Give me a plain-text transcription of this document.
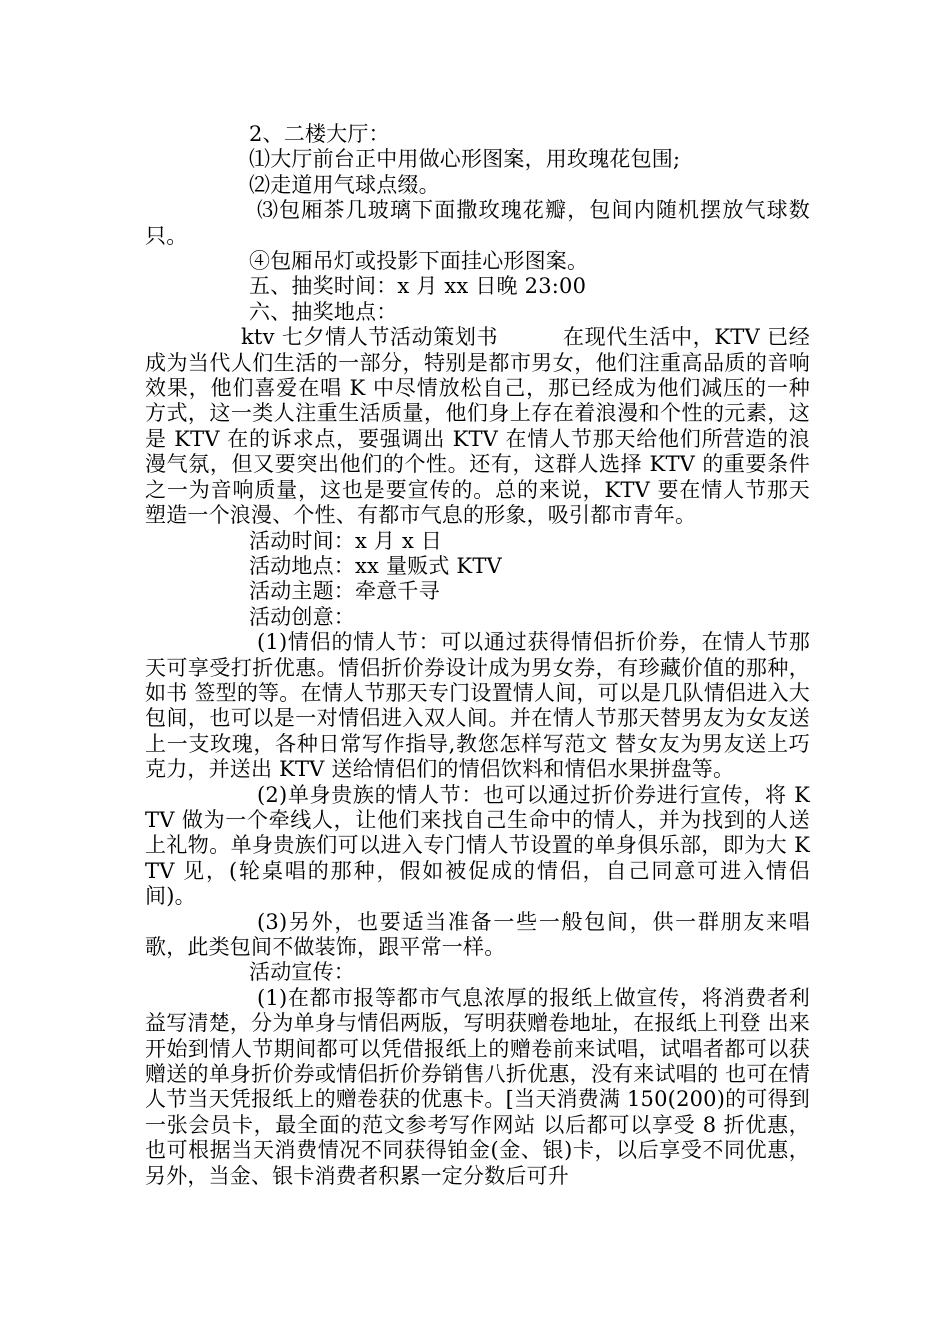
2、二楼大厅：

⑴大厅前台正中用做心形图案，用玫瑰花包围;

⑵走道用气球点缀。

⑶包厢茶几玻璃下面撒玫瑰花瓣，包间内随机摆放气球数只。

④包厢吊灯或投影下面挂心形图案。

五、抽奖时间：x 月 xx 日晚 23:00

六、抽奖地点：

ktv 七夕情人节活动策划书　　　在现代生活中，KTV 已经成为当代人们生活的一部分，特别是都市男女，他们注重高品质的音响效果，他们喜爱在唱 K 中尽情放松自己，那已经成为他们减压的一种方式，这一类人注重生活质量，他们身上存在着浪漫和个性的元素，这是 KTV 在的诉求点，要强调出 KTV 在情人节那天给他们所营造的浪漫气氛，但又要突出他们的个性。还有，这群人选择 KTV 的重要条件之一为音响质量，这也是要宣传的。总的来说，KTV 要在情人节那天塑造一个浪漫、个性、有都市气息的形象，吸引都市青年。

活动时间：x 月 x 日

活动地点：xx 量贩式 KTV

活动主题：牵意千寻

活动创意：

(1)情侣的情人节：可以通过获得情侣折价券，在情人节那天可享受打折优惠。情侣折价券设计成为男女券，有珍藏价值的那种，如书 签型的等。在情人节那天专门设置情人间，可以是几队情侣进入大包间，也可以是一对情侣进入双人间。并在情人节那天替男友为女友送上一支玫瑰，各种日常写作指导,教您怎样写范文 替女友为男友送上巧克力，并送出 KTV 送给情侣们的情侣饮料和情侣水果拼盘等。

(2)单身贵族的情人节：也可以通过折价券进行宣传，将 KTV 做为一个牵线人，让他们来找自己生命中的情人，并为找到的人送上礼物。单身贵族们可以进入专门情人节设置的单身俱乐部，即为大 KTV 见，(轮桌唱的那种，假如被促成的情侣，自己同意可进入情侣间)。

(3)另外，也要适当准备一些一般包间，供一群朋友来唱歌，此类包间不做装饰，跟平常一样。

活动宣传：

(1)在都市报等都市气息浓厚的报纸上做宣传，将消费者利益写清楚，分为单身与情侣两版，写明获赠卷地址，在报纸上刊登 出来开始到情人节期间都可以凭借报纸上的赠卷前来试唱，试唱者都可以获赠送的单身折价券或情侣折价券销售八折优惠，没有来试唱的 也可在情人节当天凭报纸上的赠卷获的优惠卡。[当天消费满 150(200)的可得到一张会员卡，最全面的范文参考写作网站 以后都可以享受 8 折优惠，也可根据当天消费情况不同获得铂金(金、银)卡，以后享受不同优惠，另外，当金、银卡消费者积累一定分数后可升
